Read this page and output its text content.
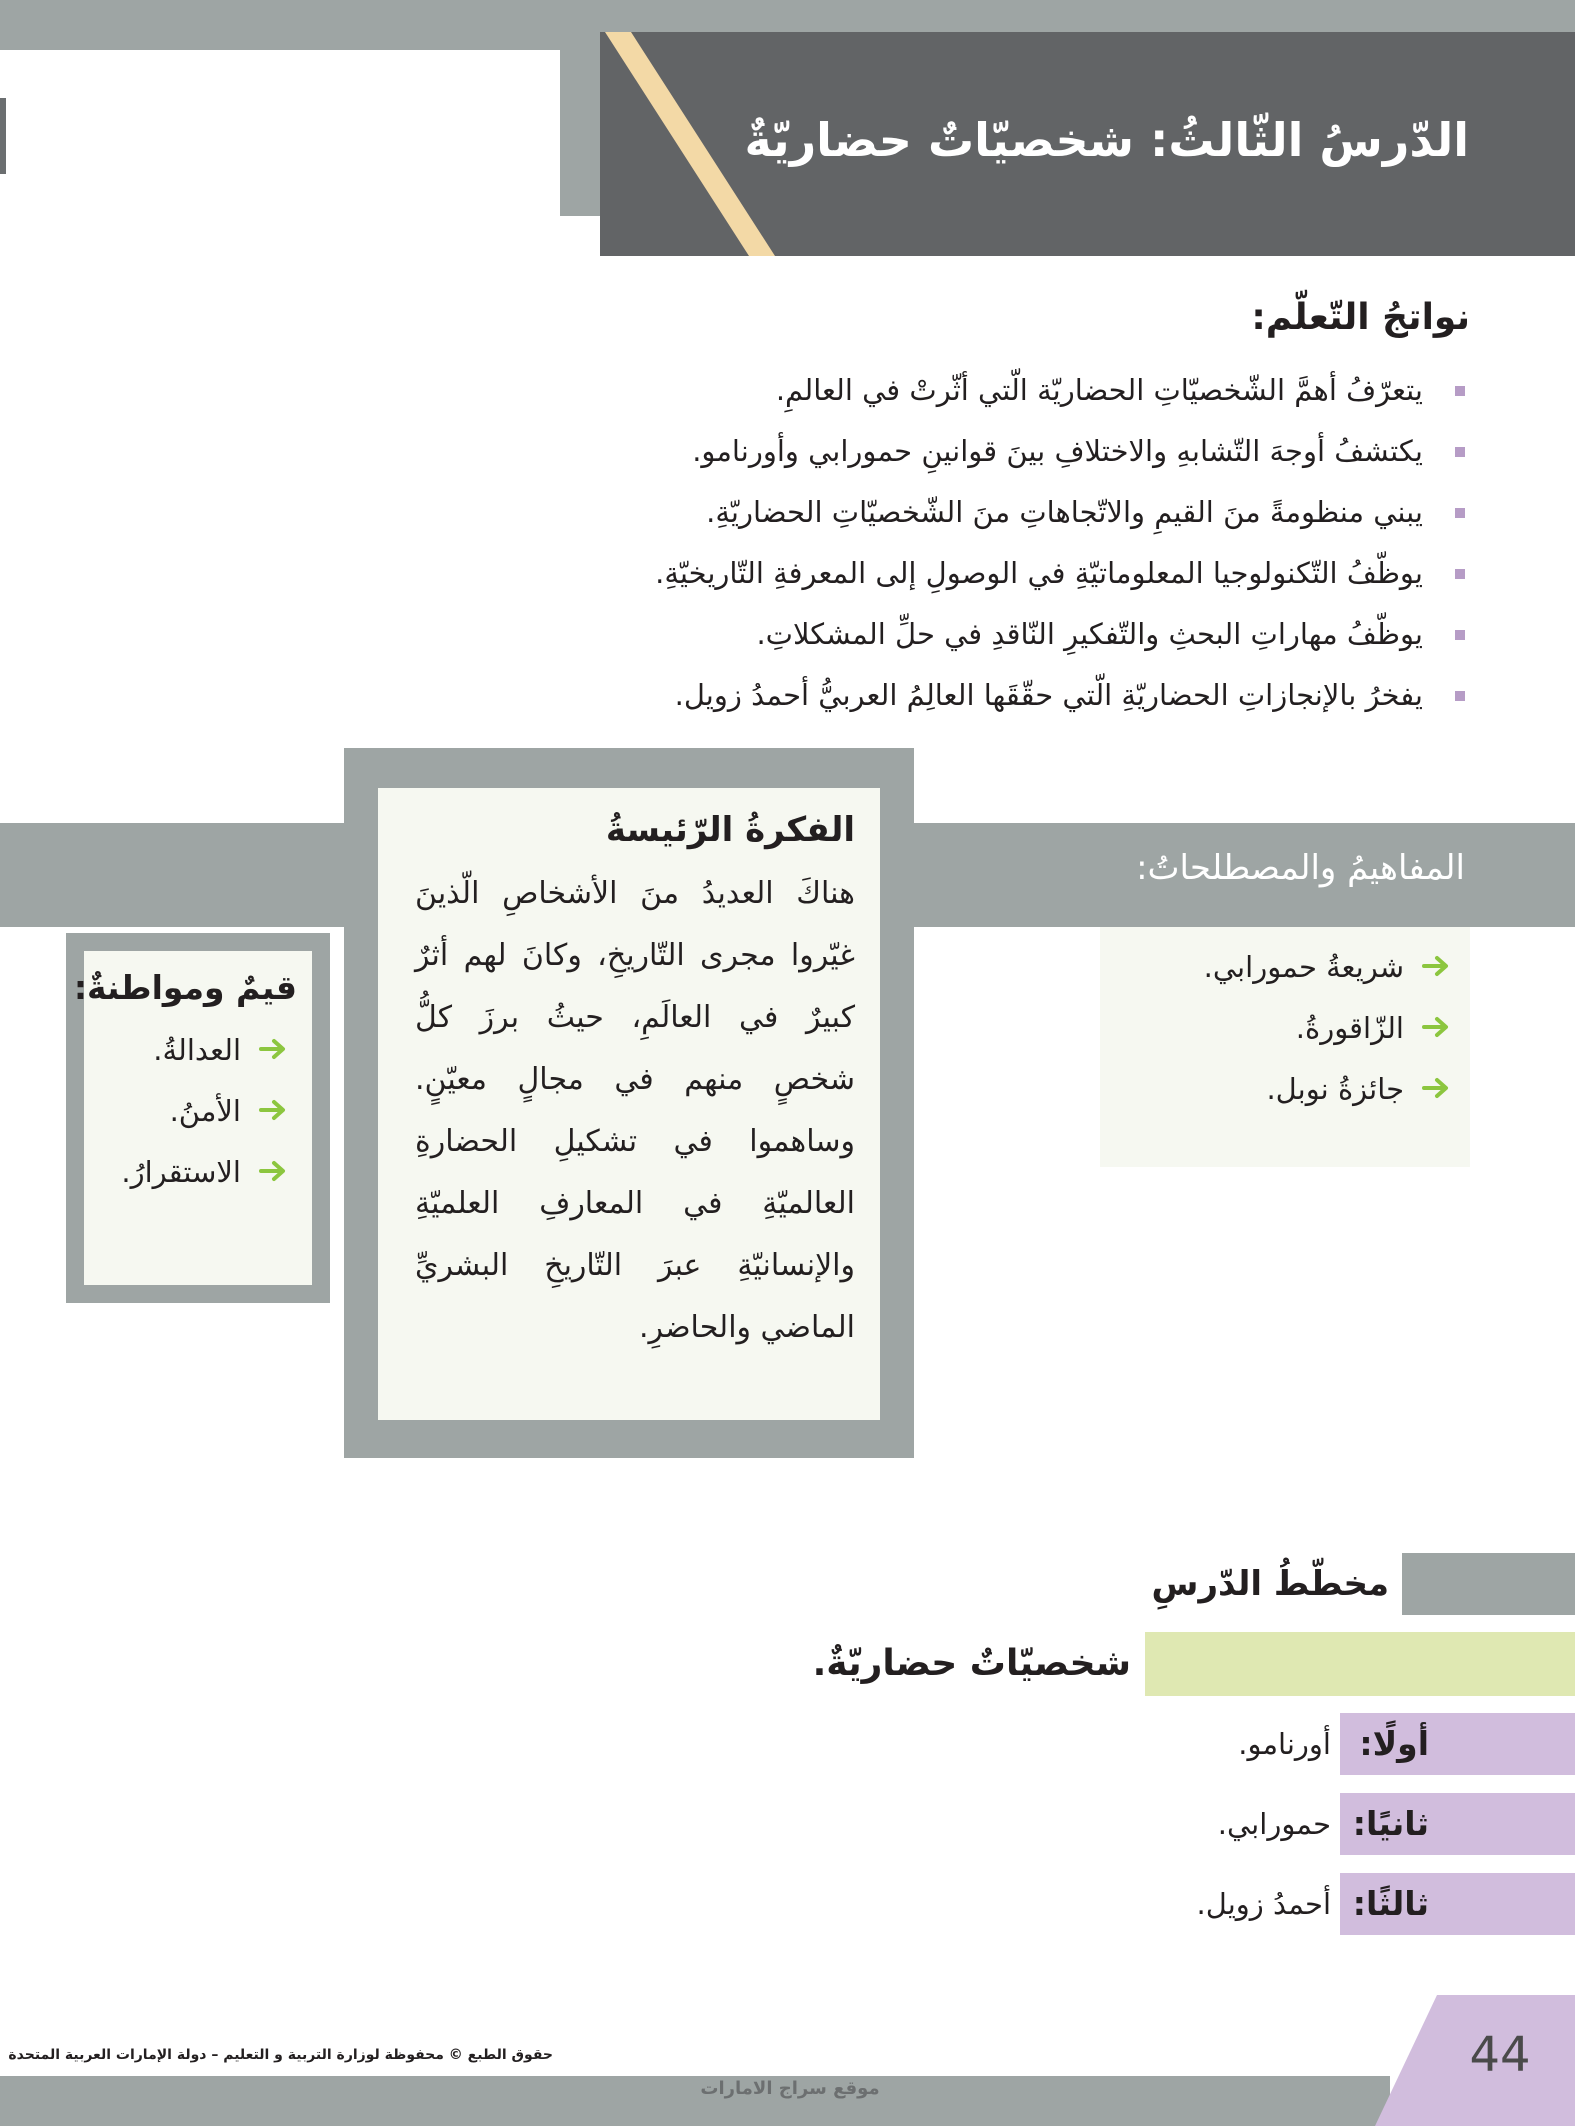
الدّرسُ الثّالثُ: شخصيّاتٌ حضاريّةٌ
نواتجُ التّعلّم:
يتعرّفُ أهمَّ الشّخصيّاتِ الحضاريّة الّتي أثّرتْ في العالمِ.
يكتشفُ أوجهَ التّشابهِ والاختلافِ بينَ قوانينِ حمورابي وأورنامو.
يبني منظومةً منَ القيمِ والاتّجاهاتِ منَ الشّخصيّاتِ الحضاريّةِ.
يوظّفُ التّكنولوجيا المعلوماتيّةِ في الوصولِ إلى المعرفةِ التّاريخيّةِ.
يوظّفُ مهاراتِ البحثِ والتّفكيرِ النّاقدِ في حلِّ المشكلاتِ.
يفخرُ بالإنجازاتِ الحضاريّةِ الّتي حقّقَها العالِمُ العربيُّ أحمدُ زويل.
المفاهيمُ والمصطلحاتُ:
شريعةُ حمورابي.
الزّاقورةُ.
جائزةُ نوبل.
الفكرةُ الرّئيسةُ
هناكَ العديدُ منَ الأشخاصِ الّذينَ غيّروا مجرى التّاريخِ، وكانَ لهم أثرٌ كبيرٌ في العالَمِ، حيثُ برزَ كلُّ شخصٍ منهم في مجالٍ معيّنٍ. وساهموا في تشكيلِ الحضارةِ العالميّةِ في المعارفِ العلميّةِ والإنسانيّةِ عبرَ التّاريخِ البشريِّ الماضي والحاضرِ.
قيمٌ ومواطنةٌ:
العدالةُ.
الأمنُ.
الاستقرارُ.
مخطّطُ الدّرسِ
شخصيّاتٌ حضاريّةٌ.
أولًا:
أورنامو.
ثانيًا:
حمورابي.
ثالثًا:
أحمدُ زويل.
44
حقوق الطبع © محفوظة لوزارة التربية و التعليم – دولة الإمارات العربية المتحدة
موقع سراج الامارات
